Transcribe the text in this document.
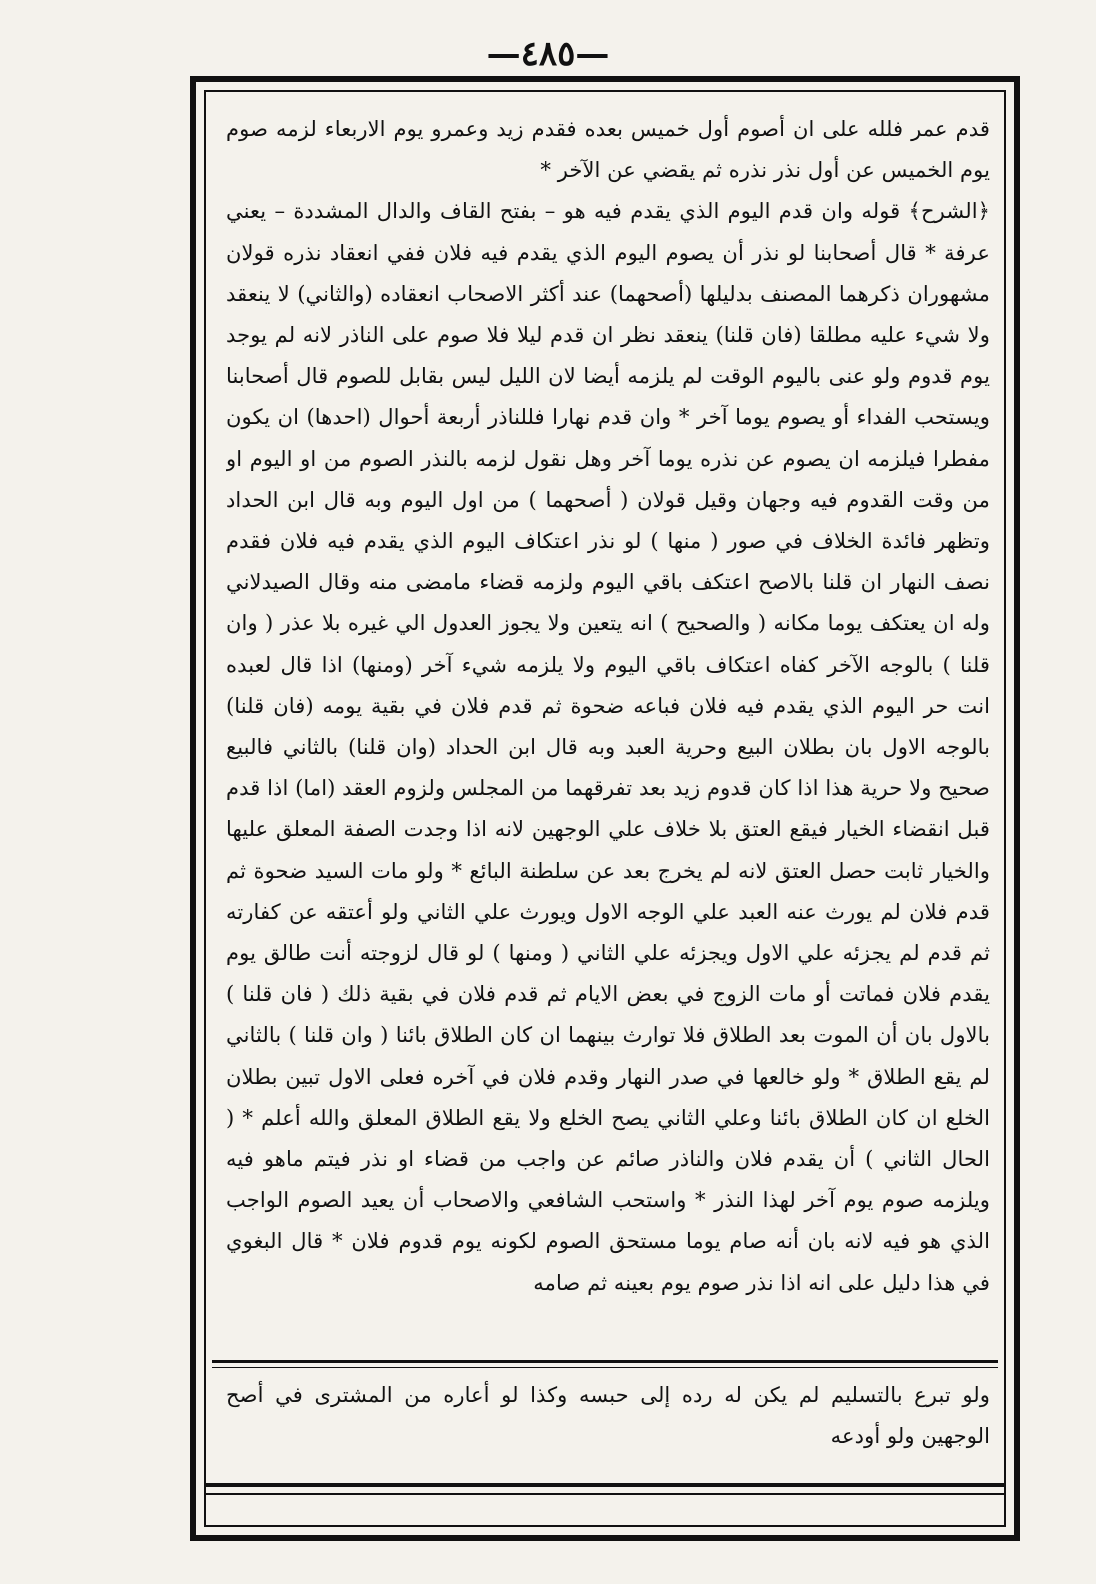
—٤٨٥—

قدم عمر فلله على ان أصوم أول خميس بعده فقدم زيد وعمرو يوم الاربعاء لزمه صوم يوم الخميس عن أول نذر نذره ثم يقضي عن الآخر *

﴿الشرح﴾ قوله وان قدم اليوم الذي يقدم فيه هو – بفتح القاف والدال المشددة – يعني عرفة * قال أصحابنا لو نذر أن يصوم اليوم الذي يقدم فيه فلان ففي انعقاد نذره قولان مشهوران ذكرهما المصنف بدليلها (أصحهما) عند أكثر الاصحاب انعقاده (والثاني) لا ينعقد ولا شيء عليه مطلقا (فان قلنا) ينعقد نظر ان قدم ليلا فلا صوم على الناذر لانه لم يوجد يوم قدوم ولو عنى باليوم الوقت لم يلزمه أيضا لان الليل ليس بقابل للصوم قال أصحابنا ويستحب الفداء أو يصوم يوما آخر * وان قدم نهارا فللناذر أربعة أحوال (احدها) ان يكون مفطرا فيلزمه ان يصوم عن نذره يوما آخر وهل نقول لزمه بالنذر الصوم من او اليوم او من وقت القدوم فيه وجهان وقيل قولان ( أصحهما ) من اول اليوم وبه قال ابن الحداد وتظهر فائدة الخلاف في صور ( منها ) لو نذر اعتكاف اليوم الذي يقدم فيه فلان فقدم نصف النهار ان قلنا بالاصح اعتكف باقي اليوم ولزمه قضاء مامضى منه وقال الصيدلاني وله ان يعتكف يوما مكانه ( والصحيح ) انه يتعين ولا يجوز العدول الي غيره بلا عذر ( وان قلنا ) بالوجه الآخر كفاه اعتكاف باقي اليوم ولا يلزمه شيء آخر (ومنها) اذا قال لعبده انت حر اليوم الذي يقدم فيه فلان فباعه ضحوة ثم قدم فلان في بقية يومه (فان قلنا) بالوجه الاول بان بطلان البيع وحرية العبد وبه قال ابن الحداد (وان قلنا) بالثاني فالبيع صحيح ولا حرية هذا اذا كان قدوم زيد بعد تفرقهما من المجلس ولزوم العقد (اما) اذا قدم قبل انقضاء الخيار فيقع العتق بلا خلاف علي الوجهين لانه اذا وجدت الصفة المعلق عليها والخيار ثابت حصل العتق لانه لم يخرج بعد عن سلطنة البائع * ولو مات السيد ضحوة ثم قدم فلان لم يورث عنه العبد علي الوجه الاول ويورث علي الثاني ولو أعتقه عن كفارته ثم قدم لم يجزئه علي الاول ويجزئه علي الثاني ( ومنها ) لو قال لزوجته أنت طالق يوم يقدم فلان فماتت أو مات الزوج في بعض الايام ثم قدم فلان في بقية ذلك ( فان قلنا ) بالاول بان أن الموت بعد الطلاق فلا توارث بينهما ان كان الطلاق بائنا ( وان قلنا ) بالثاني لم يقع الطلاق * ولو خالعها في صدر النهار وقدم فلان في آخره فعلى الاول تبين بطلان الخلع ان كان الطلاق بائنا وعلي الثاني يصح الخلع ولا يقع الطلاق المعلق والله أعلم * ( الحال الثاني ) أن يقدم فلان والناذر صائم عن واجب من قضاء او نذر فيتم ماهو فيه ويلزمه صوم يوم آخر لهذا النذر * واستحب الشافعي والاصحاب أن يعيد الصوم الواجب الذي هو فيه لانه بان أنه صام يوما مستحق الصوم لكونه يوم قدوم فلان * قال البغوي في هذا دليل على انه اذا نذر صوم يوم بعينه ثم صامه

ولو تبرع بالتسليم لم يكن له رده إلى حبسه وكذا لو أعاره من المشترى في أصح الوجهين ولو أودعه
